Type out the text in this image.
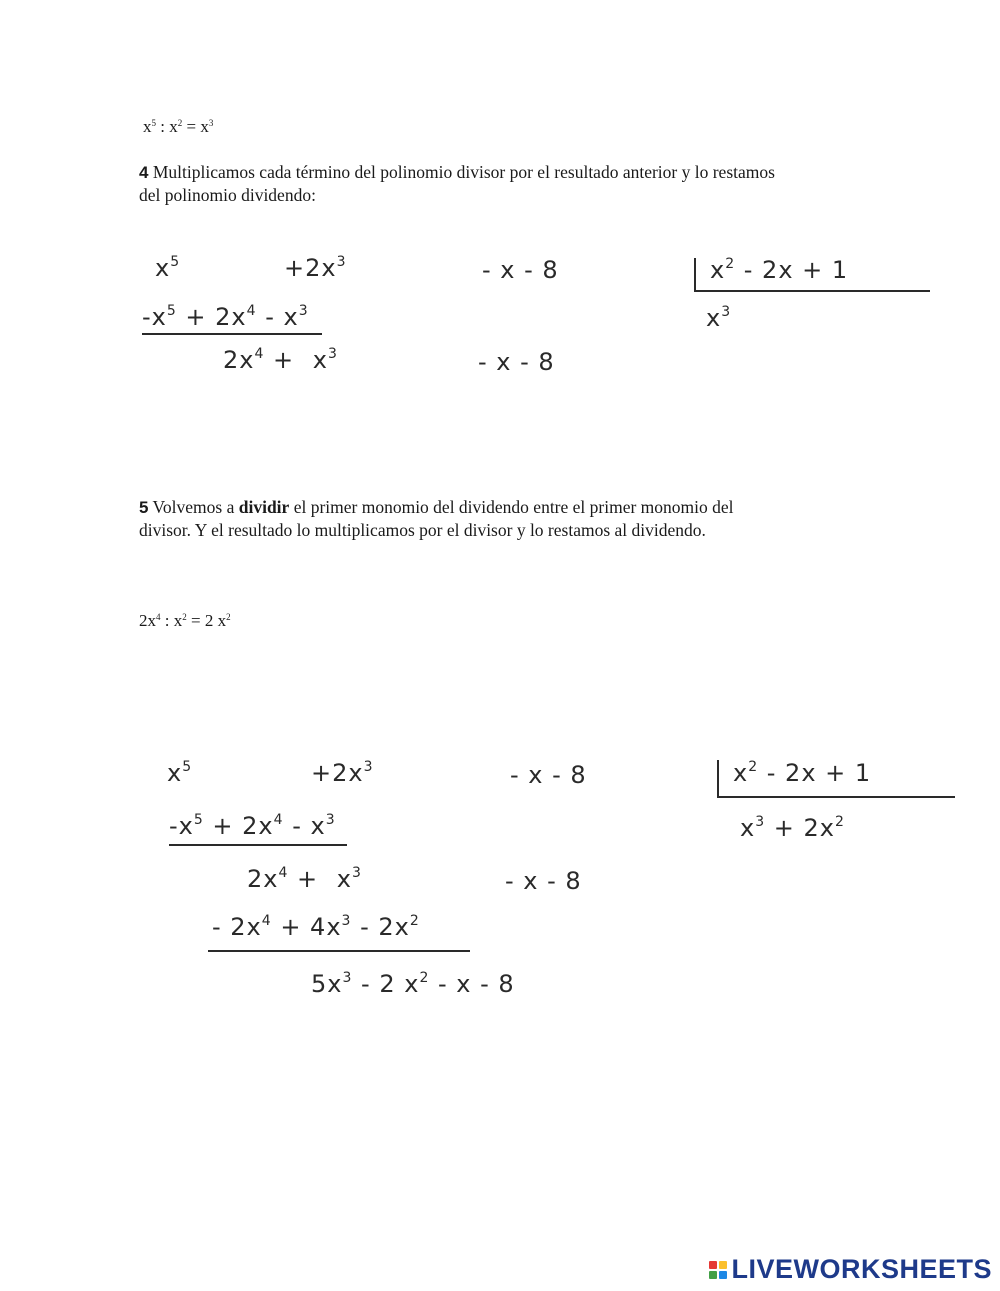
$x^5$ : $x^2 = x^3$
4 Multiplicamos cada término del polinomio divisor por el resultado anterior y lo restamos
del polinomio dividendo:
$x^5$	$+2x^3$	- x - 8
$-x^5 + 2x^4 - x^3$
$2x^4 + x^3$	- x - 8
$x^2 - 2x + 1$
$x^3$
5 Volvemos a dividir el primer monomio del dividendo entre el primer monomio del
divisor. Y el resultado lo multiplicamos por el divisor y lo restamos al dividendo.
$2x^4$ : $x^2 = 2$ $x^2$
$x^5$	$+2x^3$	- x - 8
$-x^5 + 2x^4 - x^3$
$2x^4 + x^3$	- x - 8
- $2x^4 + 4x^3 - 2x^2$
$5x^3 - 2$ $x^2$ - x - 8
$x^2 - 2x + 1$
$x^3 + 2x^2$
LIVEWORKSHEETS
